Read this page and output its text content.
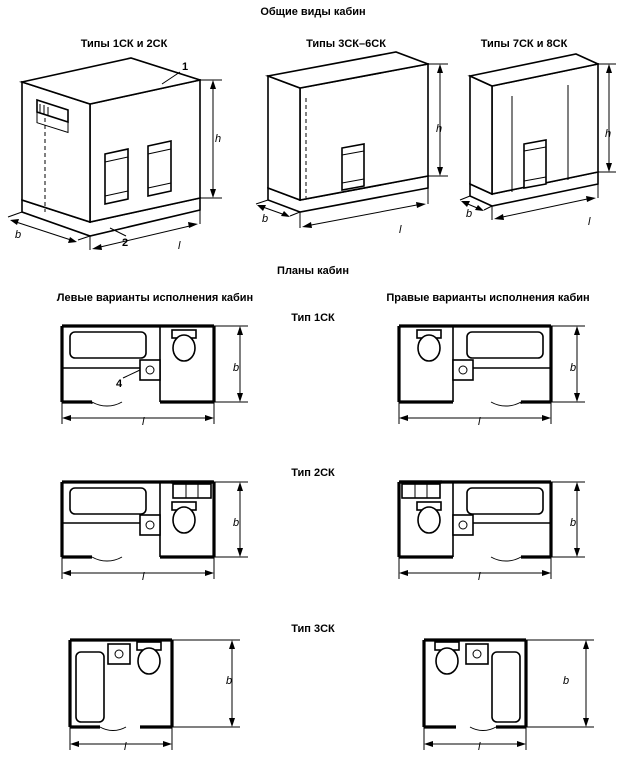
Общие виды кабин
Планы кабин
Типы 1СК и 2СК	Типы 3СК–6СК	Типы 7СК и 8СК
Левые варианты исполнения кабин	Правые варианты исполнения кабин
Тип 1СК
Тип 2СК
Тип 3СК
h
b
l
1
2
h
b
l
h
b
l
b
l
b
l
4
b
l
b
l
b
l
b
l
